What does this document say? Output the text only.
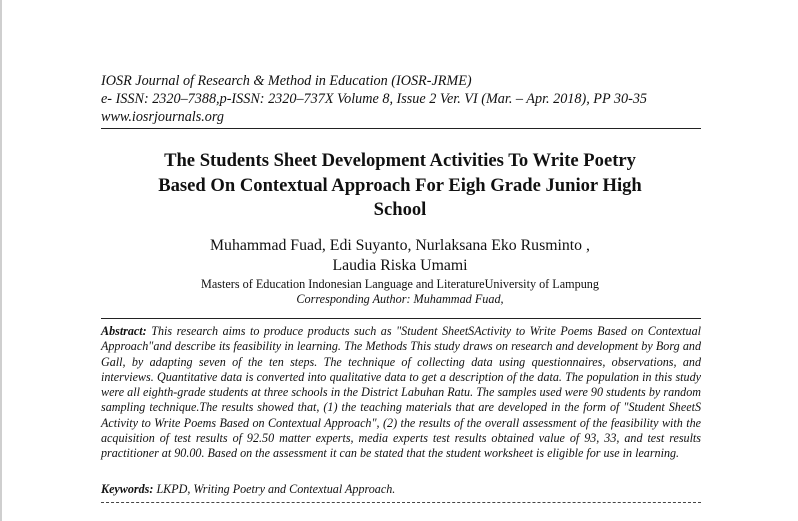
IOSR Journal of Research & Method in Education (IOSR-JRME)
e- ISSN: 2320–7388,p-ISSN: 2320–737X Volume 8, Issue 2 Ver. VI (Mar. – Apr. 2018), PP 30-35
www.iosrjournals.org
The Students Sheet Development Activities To Write Poetry
Based On Contextual Approach For Eigh Grade Junior High
School
Muhammad Fuad, Edi Suyanto, Nurlaksana Eko Rusminto ,
Laudia Riska Umami
Masters of Education Indonesian Language and LiteratureUniversity of Lampung
Corresponding Author: Muhammad Fuad,
Abstract: This research aims to produce products such as "Student SheetSActivity to Write Poems Based on Contextual Approach"and describe its feasibility in learning. The Methods This study draws on research and development by Borg and Gall, by adapting seven of the ten steps. The technique of collecting data using questionnaires, observations, and interviews. Quantitative data is converted into qualitative data to get a description of the data. The population in this study were all eighth-grade students at three schools in the District Labuhan Ratu. The samples used were 90 students by random sampling technique.The results showed that, (1) the teaching materials that are developed in the form of "Student SheetS Activity to Write Poems Based on Contextual Approach", (2) the results of the overall assessment of the feasibility with the acquisition of test results of 92.50 matter experts, media experts test results obtained value of 93, 33, and test results practitioner at 90.00. Based on the assessment it can be stated that the student worksheet is eligible for use in learning.
Keywords: LKPD, Writing Poetry and Contextual Approach.
